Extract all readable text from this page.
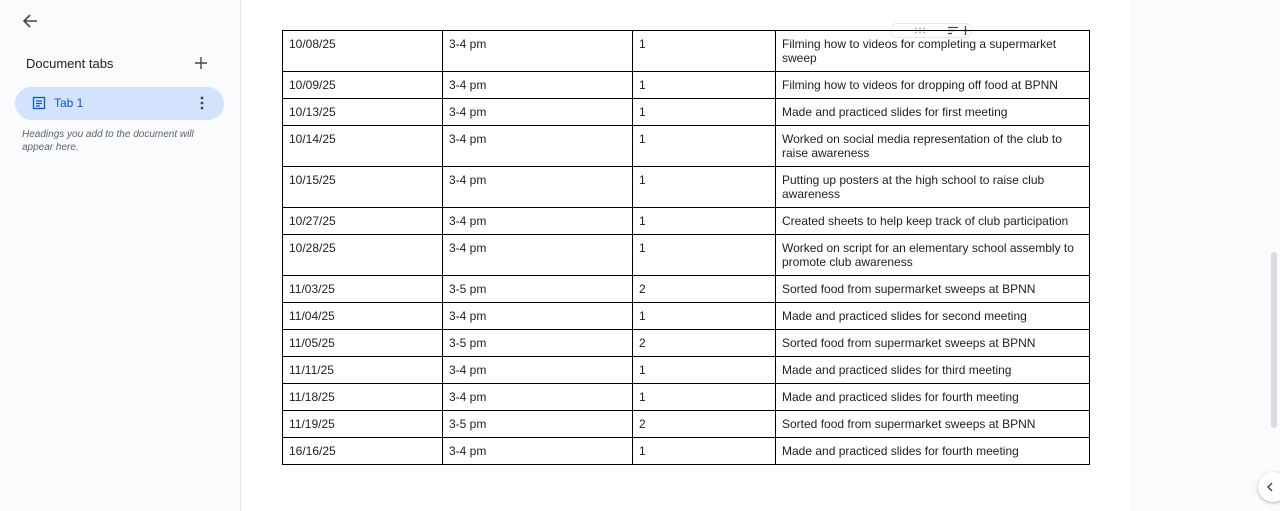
Document tabs
Tab 1
Headings you add to the document will appear here.
10/08/25	3-4 pm	1	Filming how to videos for completing a supermarket sweep
10/09/25	3-4 pm	1	Filming how to videos for dropping off food at BPNN
10/13/25	3-4 pm	1	Made and practiced slides for first meeting
10/14/25	3-4 pm	1	Worked on social media representation of the club to raise awareness
10/15/25	3-4 pm	1	Putting up posters at the high school to raise club awareness
10/27/25	3-4 pm	1	Created sheets to help keep track of club participation
10/28/25	3-4 pm	1	Worked on script for an elementary school assembly to promote club awareness
11/03/25	3-5 pm	2	Sorted food from supermarket sweeps at BPNN
11/04/25	3-4 pm	1	Made and practiced slides for second meeting
11/05/25	3-5 pm	2	Sorted food from supermarket sweeps at BPNN
11/11/25	3-4 pm	1	Made and practiced slides for third meeting
11/18/25	3-4 pm	1	Made and practiced slides for fourth meeting
11/19/25	3-5 pm	2	Sorted food from supermarket sweeps at BPNN
16/16/25	3-4 pm	1	Made and practiced slides for fourth meeting
